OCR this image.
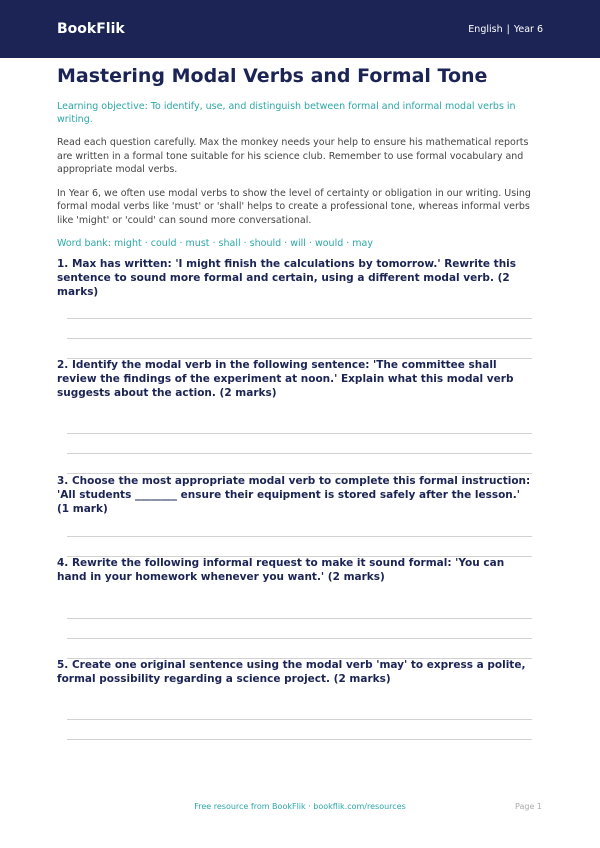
BookFlik	English | Year 6
Mastering Modal Verbs and Formal Tone
Learning objective: To identify, use, and distinguish between formal and informal modal verbs in writing.
Read each question carefully. Max the monkey needs your help to ensure his mathematical reports are written in a formal tone suitable for his science club. Remember to use formal vocabulary and appropriate modal verbs.
In Year 6, we often use modal verbs to show the level of certainty or obligation in our writing. Using formal modal verbs like 'must' or 'shall' helps to create a professional tone, whereas informal verbs like 'might' or 'could' can sound more conversational.
Word bank: might · could · must · shall · should · will · would · may
1. Max has written: 'I might finish the calculations by tomorrow.' Rewrite this sentence to sound more formal and certain, using a different modal verb. (2 marks)
2. Identify the modal verb in the following sentence: 'The committee shall review the findings of the experiment at noon.' Explain what this modal verb suggests about the action. (2 marks)
3. Choose the most appropriate modal verb to complete this formal instruction: 'All students ________ ensure their equipment is stored safely after the lesson.' (1 mark)
4. Rewrite the following informal request to make it sound formal: 'You can hand in your homework whenever you want.' (2 marks)
5. Create one original sentence using the modal verb 'may' to express a polite, formal possibility regarding a science project. (2 marks)
Free resource from BookFlik · bookflik.com/resources	Page 1
